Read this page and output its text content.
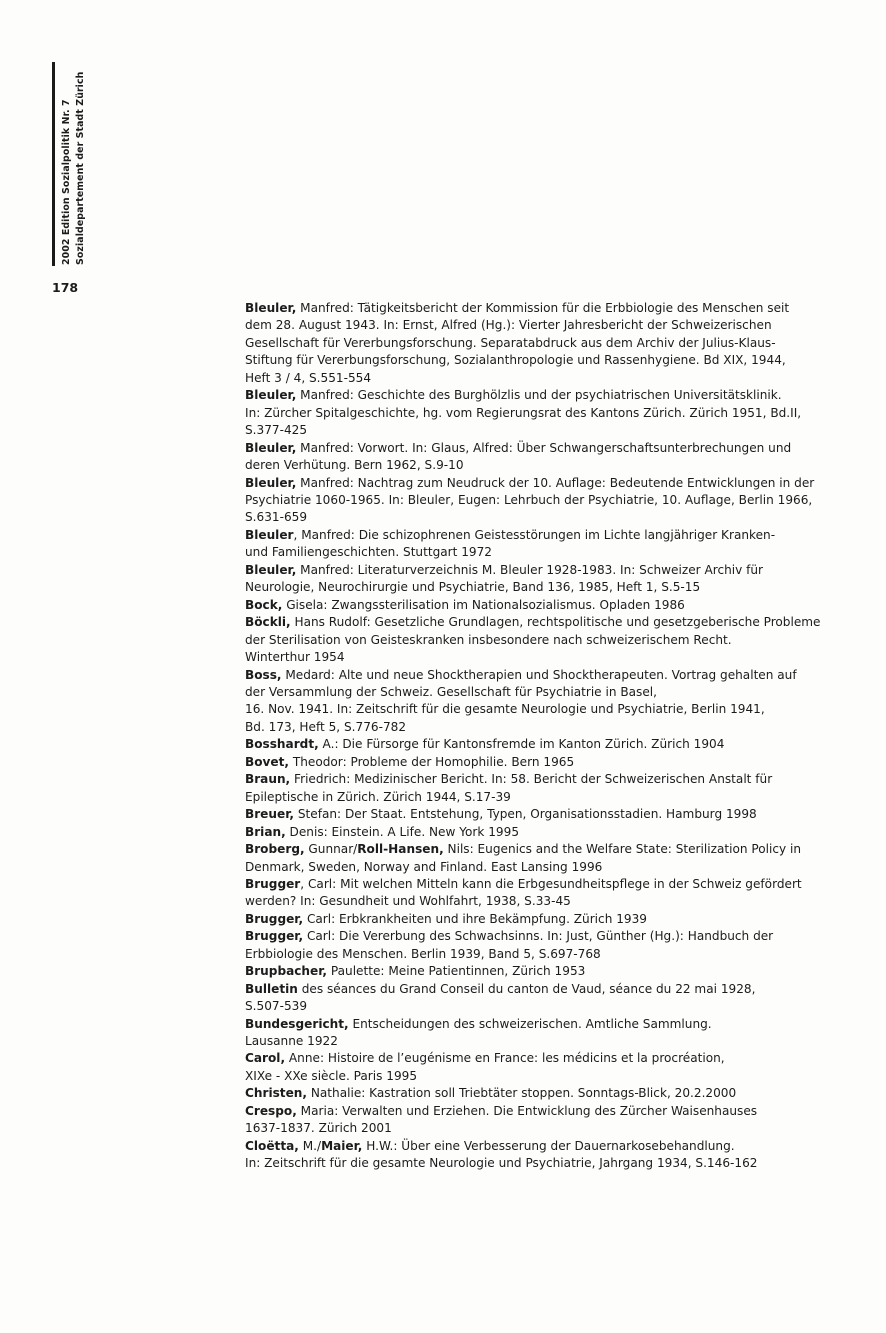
2002 Edition Sozialpolitik Nr. 7 Sozialdepartement der Stadt Zürich
178

Bleuler, Manfred: Tätigkeitsbericht der Kommission für die Erbbiologie des Menschen seit
dem 28. August 1943. In: Ernst, Alfred (Hg.): Vierter Jahresbericht der Schweizerischen
Gesellschaft für Vererbungsforschung. Separatabdruck aus dem Archiv der Julius-Klaus-
Stiftung für Vererbungsforschung, Sozialanthropologie und Rassenhygiene. Bd XIX, 1944,
Heft 3 / 4, S.551-554

Bleuler, Manfred: Geschichte des Burghölzlis und der psychiatrischen Universitätsklinik.
In: Zürcher Spitalgeschichte, hg. vom Regierungsrat des Kantons Zürich. Zürich 1951, Bd.II,
S.377-425

Bleuler, Manfred: Vorwort. In: Glaus, Alfred: Über Schwangerschaftsunterbrechungen und
deren Verhütung. Bern 1962, S.9-10

Bleuler, Manfred: Nachtrag zum Neudruck der 10. Auflage: Bedeutende Entwicklungen in der
Psychiatrie 1060-1965. In: Bleuler, Eugen: Lehrbuch der Psychiatrie, 10. Auflage, Berlin 1966,
S.631-659

Bleuler, Manfred: Die schizophrenen Geistesstörungen im Lichte langjähriger Kranken-
und Familiengeschichten. Stuttgart 1972

Bleuler, Manfred: Literaturverzeichnis M. Bleuler 1928-1983. In: Schweizer Archiv für
Neurologie, Neurochirurgie und Psychiatrie, Band 136, 1985, Heft 1, S.5-15

Bock, Gisela: Zwangssterilisation im Nationalsozialismus. Opladen 1986

Böckli, Hans Rudolf: Gesetzliche Grundlagen, rechtspolitische und gesetzgeberische Probleme
der Sterilisation von Geisteskranken insbesondere nach schweizerischem Recht.
Winterthur 1954

Boss, Medard: Alte und neue Shocktherapien und Shocktherapeuten. Vortrag gehalten auf
der Versammlung der Schweiz. Gesellschaft für Psychiatrie in Basel,
16. Nov. 1941. In: Zeitschrift für die gesamte Neurologie und Psychiatrie, Berlin 1941,
Bd. 173, Heft 5, S.776-782

Bosshardt, A.: Die Fürsorge für Kantonsfremde im Kanton Zürich. Zürich 1904

Bovet, Theodor: Probleme der Homophilie. Bern 1965

Braun, Friedrich: Medizinischer Bericht. In: 58. Bericht der Schweizerischen Anstalt für
Epileptische in Zürich. Zürich 1944, S.17-39

Breuer, Stefan: Der Staat. Entstehung, Typen, Organisationsstadien. Hamburg 1998

Brian, Denis: Einstein. A Life. New York 1995

Broberg, Gunnar/Roll-Hansen, Nils: Eugenics and the Welfare State: Sterilization Policy in
Denmark, Sweden, Norway and Finland. East Lansing 1996

Brugger, Carl: Mit welchen Mitteln kann die Erbgesundheitspflege in der Schweiz gefördert
werden? In: Gesundheit und Wohlfahrt, 1938, S.33-45

Brugger, Carl: Erbkrankheiten und ihre Bekämpfung. Zürich 1939

Brugger, Carl: Die Vererbung des Schwachsinns. In: Just, Günther (Hg.): Handbuch der
Erbbiologie des Menschen. Berlin 1939, Band 5, S.697-768

Brupbacher, Paulette: Meine Patientinnen, Zürich 1953

Bulletin des séances du Grand Conseil du canton de Vaud, séance du 22 mai 1928,
S.507-539

Bundesgericht, Entscheidungen des schweizerischen. Amtliche Sammlung.
Lausanne 1922

Carol, Anne: Histoire de l’eugénisme en France: les médicins et la procréation,
XIXe - XXe siècle. Paris 1995

Christen, Nathalie: Kastration soll Triebtäter stoppen. Sonntags-Blick, 20.2.2000

Crespo, Maria: Verwalten und Erziehen. Die Entwicklung des Zürcher Waisenhauses
1637-1837. Zürich 2001

Cloëtta, M./Maier, H.W.: Über eine Verbesserung der Dauernarkosebehandlung.
In: Zeitschrift für die gesamte Neurologie und Psychiatrie, Jahrgang 1934, S.146-162
